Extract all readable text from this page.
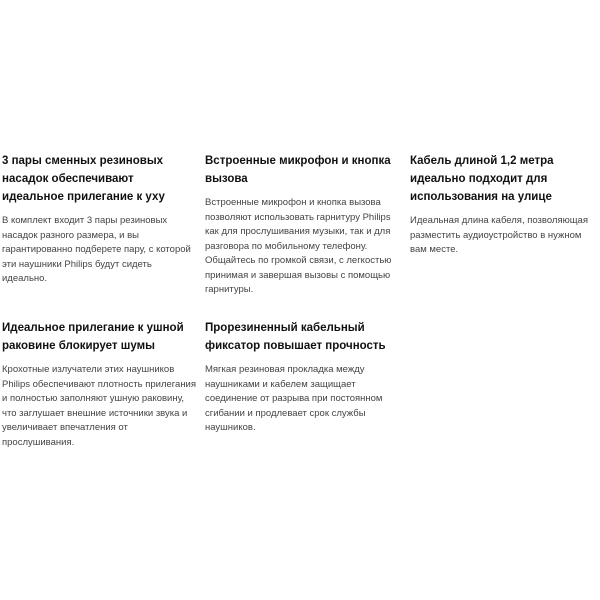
3 пары сменных резиновых насадок обеспечивают идеальное прилегание к уху

В комплект входит 3 пары резиновых насадок разного размера, и вы гарантированно подберете пару, с которой эти наушники Philips будут сидеть идеально.

Встроенные микрофон и кнопка вызова

Встроенные микрофон и кнопка вызова позволяют использовать гарнитуру Philips как для прослушивания музыки, так и для разговора по мобильному телефону. Общайтесь по громкой связи, с легкостью принимая и завершая вызовы с помощью гарнитуры.

Кабель длиной 1,2 метра идеально подходит для использования на улице

Идеальная длина кабеля, позволяющая разместить аудиоустройство в нужном вам месте.

Идеальное прилегание к ушной раковине блокирует шумы

Крохотные излучатели этих наушников Philips обеспечивают плотность прилегания и полностью заполняют ушную раковину, что заглушает внешние источники звука и увеличивает впечатления от прослушивания.

Прорезиненный кабельный фиксатор повышает прочность

Мягкая резиновая прокладка между наушниками и кабелем защищает соединение от разрыва при постоянном сгибании и продлевает срок службы наушников.
